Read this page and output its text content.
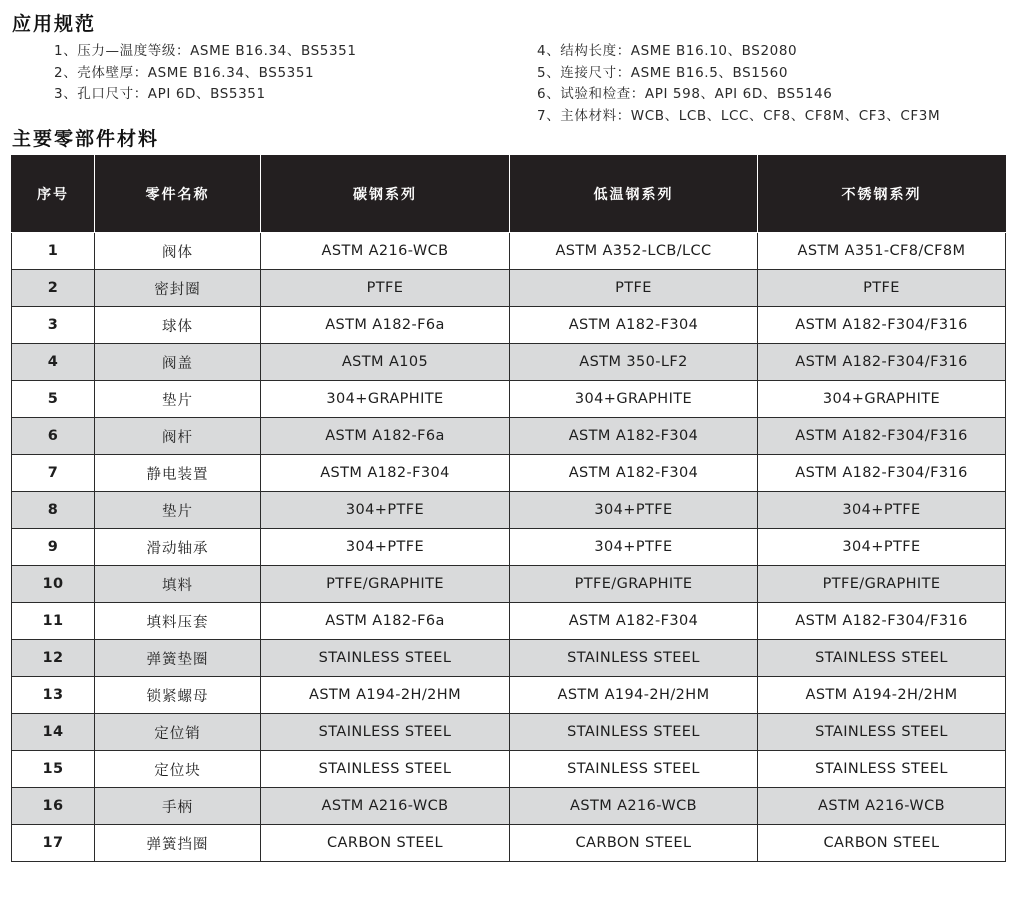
应用规范
1、压力—温度等级：ASME B16.34、BS5351
2、壳体壁厚：ASME B16.34、BS5351
3、孔口尺寸：API 6D、BS5351
4、结构长度：ASME B16.10、BS2080
5、连接尺寸：ASME B16.5、BS1560
6、试验和检查：API 598、API 6D、BS5146
7、主体材料：WCB、LCB、LCC、CF8、CF8M、CF3、CF3M
主要零部件材料
序号	零件名称	碳钢系列	低温钢系列	不锈钢系列
1	阀体	ASTM A216-WCB	ASTM A352-LCB/LCC	ASTM A351-CF8/CF8M
2	密封圈	PTFE	PTFE	PTFE
3	球体	ASTM A182-F6a	ASTM A182-F304	ASTM A182-F304/F316
4	阀盖	ASTM A105	ASTM 350-LF2	ASTM A182-F304/F316
5	垫片	304+GRAPHITE	304+GRAPHITE	304+GRAPHITE
6	阀杆	ASTM A182-F6a	ASTM A182-F304	ASTM A182-F304/F316
7	静电装置	ASTM A182-F304	ASTM A182-F304	ASTM A182-F304/F316
8	垫片	304+PTFE	304+PTFE	304+PTFE
9	滑动轴承	304+PTFE	304+PTFE	304+PTFE
10	填料	PTFE/GRAPHITE	PTFE/GRAPHITE	PTFE/GRAPHITE
11	填料压套	ASTM A182-F6a	ASTM A182-F304	ASTM A182-F304/F316
12	弹簧垫圈	STAINLESS STEEL	STAINLESS STEEL	STAINLESS STEEL
13	锁紧螺母	ASTM A194-2H/2HM	ASTM A194-2H/2HM	ASTM A194-2H/2HM
14	定位销	STAINLESS STEEL	STAINLESS STEEL	STAINLESS STEEL
15	定位块	STAINLESS STEEL	STAINLESS STEEL	STAINLESS STEEL
16	手柄	ASTM A216-WCB	ASTM A216-WCB	ASTM A216-WCB
17	弹簧挡圈	CARBON STEEL	CARBON STEEL	CARBON STEEL
